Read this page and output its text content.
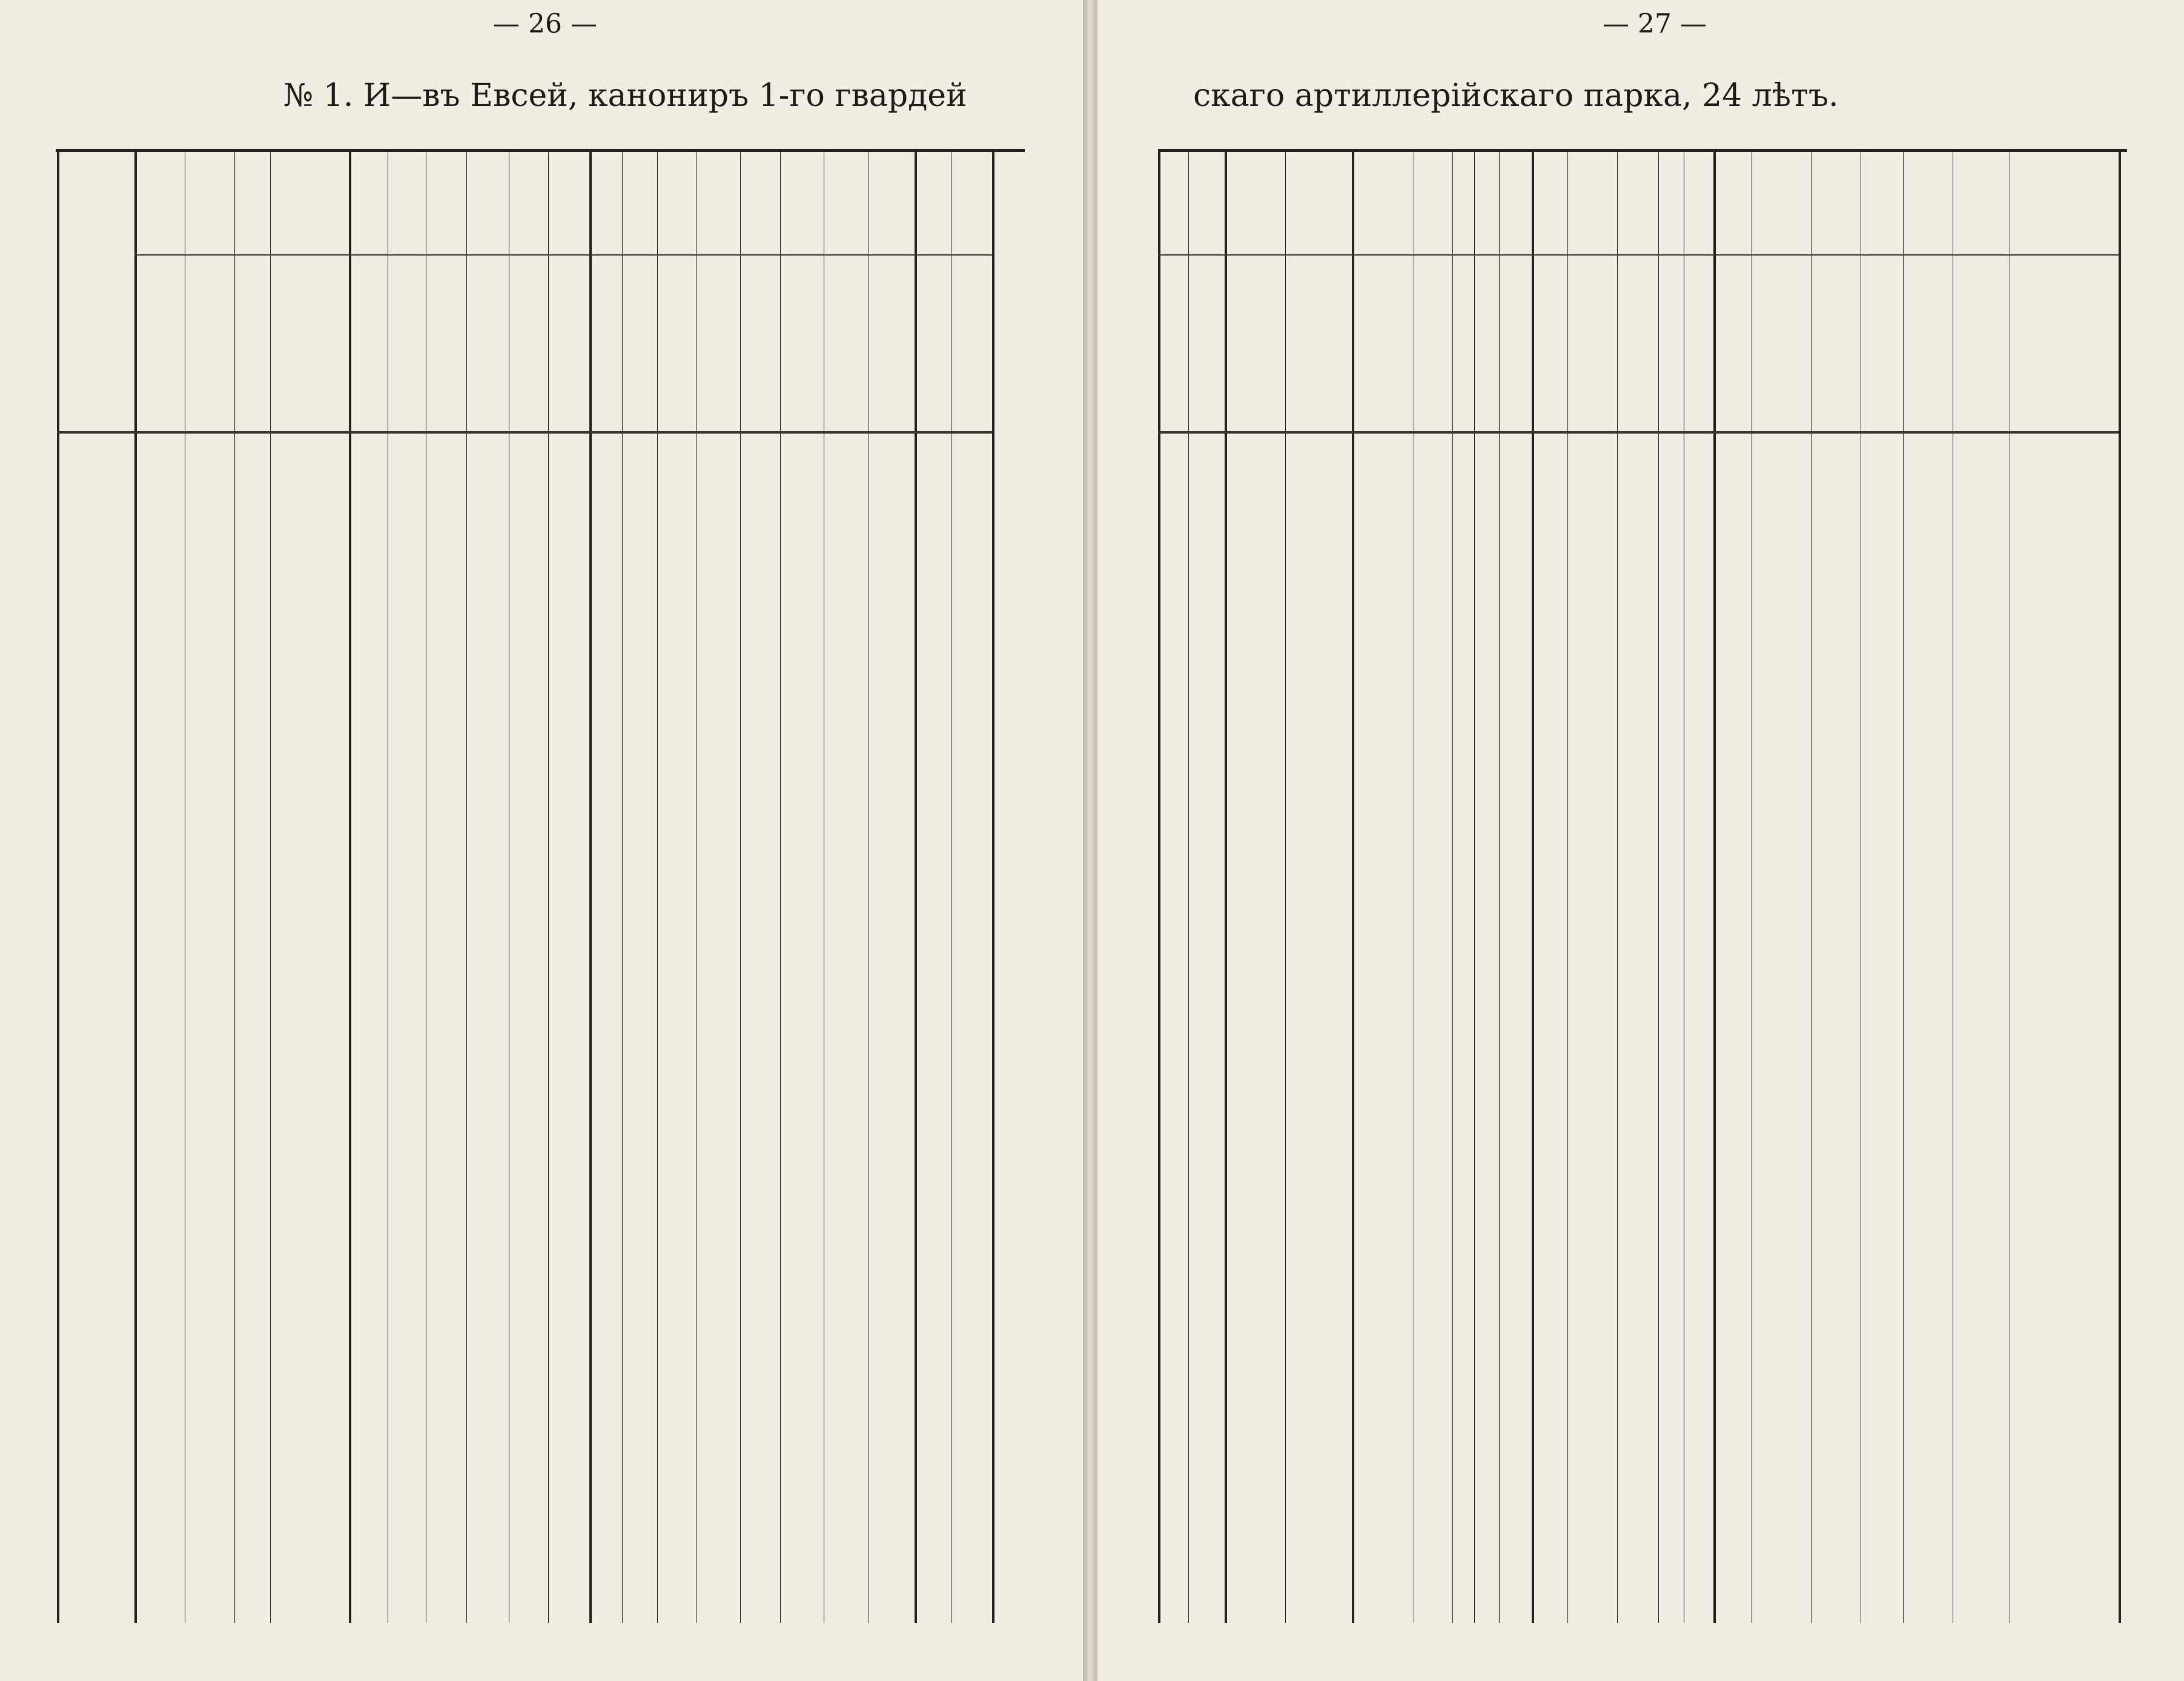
— 26 —
№ 1. И—въ Евсей, канониръ 1-го гвардей
— 27 —
скаго артиллерiйскаго парка, 24 лѣтъ.
